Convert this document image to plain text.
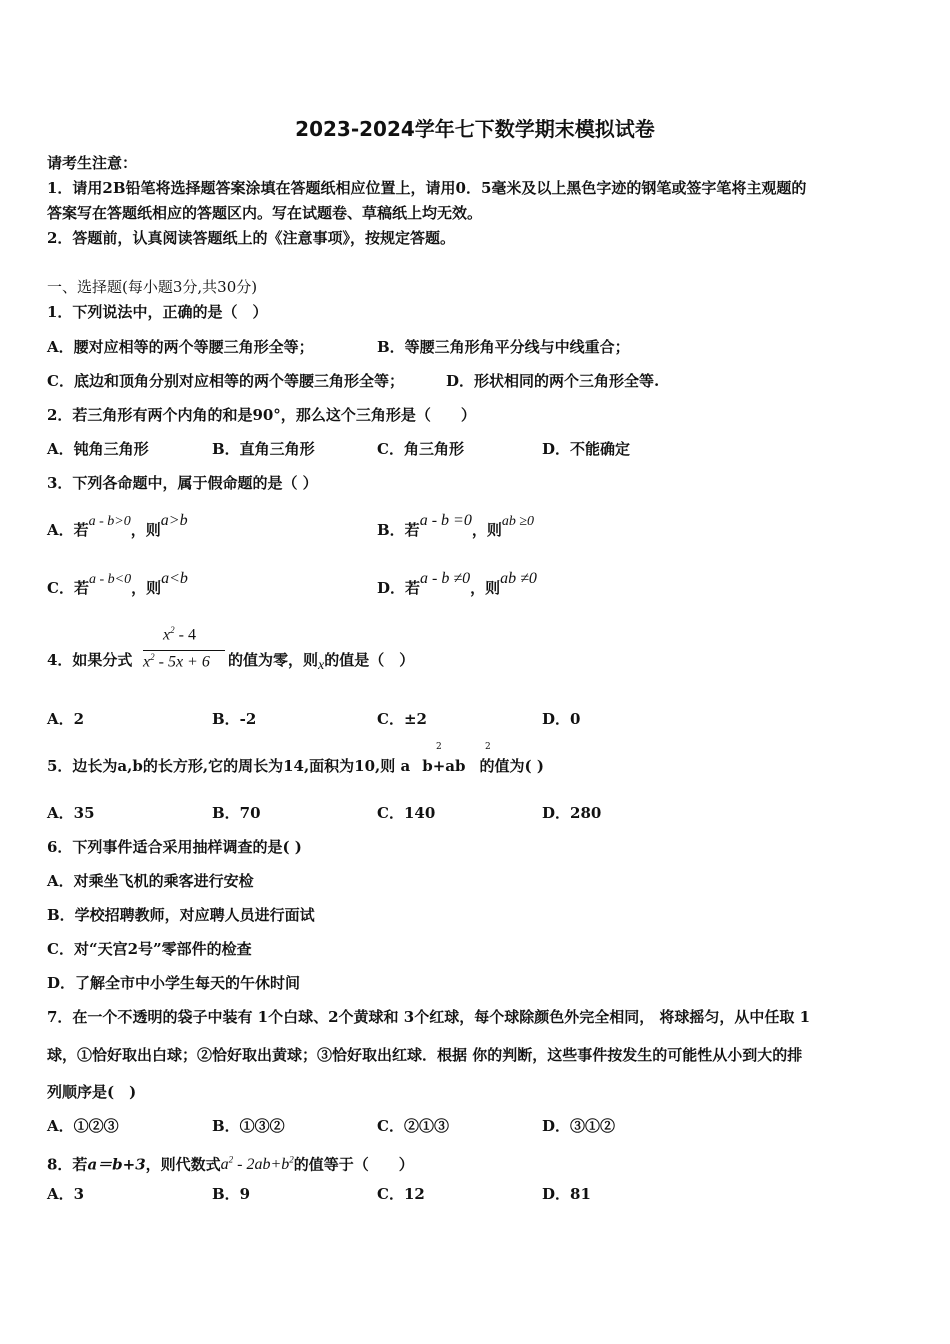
2023-2024学年七下数学期末模拟试卷
请考生注意：
1．请用2B铅笔将选择题答案涂填在答题纸相应位置上，请用0．5毫米及以上黑色字迹的钢笔或签字笔将主观题的
答案写在答题纸相应的答题区内。写在试题卷、草稿纸上均无效。
2．答题前，认真阅读答题纸上的《注意事项》，按规定答题。
一、选择题(每小题3分,共30分)
1．下列说法中，正确的是（　）
A．腰对应相等的两个等腰三角形全等；	B．等腰三角形角平分线与中线重合；
C．底边和顶角分别对应相等的两个等腰三角形全等；	D．形状相同的两个三角形全等.
2．若三角形有两个内角的和是90°，那么这个三角形是（　　）
A．钝角三角形	B．直角三角形	C．角三角形	D．不能确定
3．下列各命题中，属于假命题的是（ ）
A．若a - b>0，则a>b
B．若a - b =0，则ab ≥0
C．若a - b<0，则a<b
D．若a - b ≠0，则ab ≠0
4．如果分式
$x^2 - 4$
$x^2 - 5x + 6$ 的值为零，则x的值是（　）
A．2	B．-2	C．±2	D．0
5．边长为a,b的长方形,它的周长为14,面积为10,则 a b+ab 的值为( )
2	2
A．35	B．70	C．140	D．280
6．下列事件适合采用抽样调查的是( )
A．对乘坐飞机的乘客进行安检
B．学校招聘教师，对应聘人员进行面试
C．对“天宫2号”零部件的检查
D．了解全市中小学生每天的午休时间
7．在一个不透明的袋子中装有 1个白球、2个黄球和 3个红球，每个球除颜色外完全相同， 将球摇匀，从中任取 1
球，①恰好取出白球；②恰好取出黄球；③恰好取出红球．根据 你的判断，这些事件按发生的可能性从小到大的排
列顺序是(　)
A．①②③	B．①③②	C．②①③	D．③①②
8．若a＝b+3，则代数式$a^2 - 2ab+b^2$的值等于（　　）
A．3	B．9	C．12	D．81
